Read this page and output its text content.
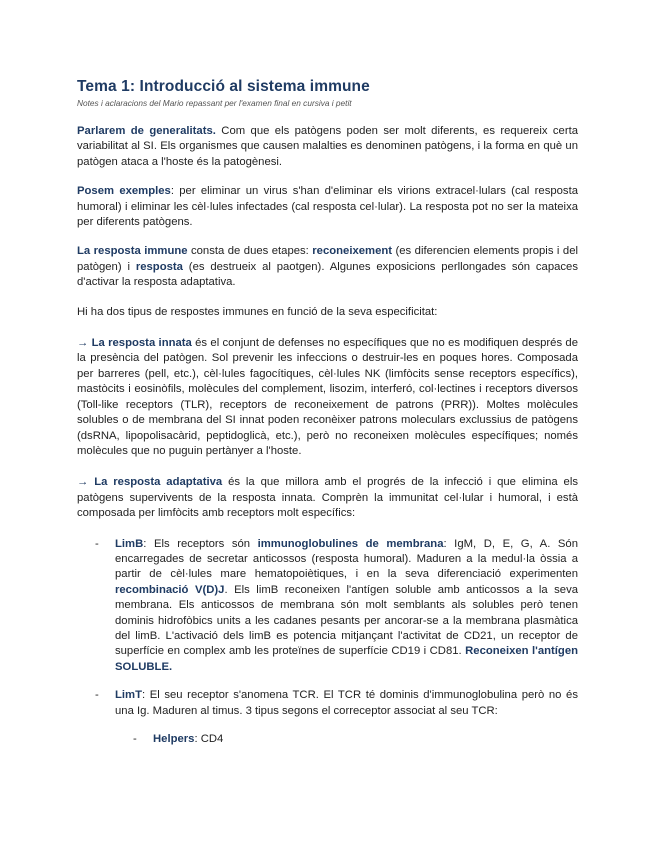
Tema 1: Introducció al sistema immune
Notes i aclaracions del Mario repassant per l'examen final en cursiva i petit

Parlarem de generalitats. Com que els patògens poden ser molt diferents, es requereix certa variabilitat al SI. Els organismes que causen malalties es denominen patògens, i la forma en què un patògen ataca a l'hoste és la patogènesi.

Posem exemples: per eliminar un virus s'han d'eliminar els virions extracel·lulars (cal resposta humoral) i eliminar les cèl·lules infectades (cal resposta cel·lular). La resposta pot no ser la mateixa per diferents patògens.

La resposta immune consta de dues etapes: reconeixement (es diferencien elements propis i del patògen) i resposta (es destrueix al paotgen). Algunes exposicions perllongades són capaces d'activar la resposta adaptativa.

Hi ha dos tipus de respostes immunes en funció de la seva especificitat:

→ La resposta innata és el conjunt de defenses no específiques que no es modifiquen després de la presència del patògen. Sol prevenir les infeccions o destruir-les en poques hores. Composada per barreres (pell, etc.), cèl·lules fagocítiques, cèl·lules NK (limfòcits sense receptors específics), mastòcits i eosinòfils, molècules del complement, lisozim, interferó, col·lectines i receptors diversos (Toll-like receptors (TLR), receptors de reconeixement de patrons (PRR)). Moltes molècules solubles o de membrana del SI innat poden reconèixer patrons moleculars exclussius de patògens (dsRNA, lipopolisacàrid, peptidoglicà, etc.), però no reconeixen molècules específiques; només molècules que no puguin pertànyer a l'hoste.

→ La resposta adaptativa és la que millora amb el progrés de la infecció i que elimina els patògens supervivents de la resposta innata. Comprèn la immunitat cel·lular i humoral, i està composada per limfòcits amb receptors molt específics:

- LimB: Els receptors són immunoglobulines de membrana: IgM, D, E, G, A. Són encarregades de secretar anticossos (resposta humoral). Maduren a la medul·la òssia a partir de cèl·lules mare hematopoiètiques, i en la seva diferenciació experimenten recombinació V(D)J. Els limB reconeixen l'antígen soluble amb anticossos a la seva membrana. Els anticossos de membrana són molt semblants als solubles però tenen dominis hidrofòbics units a les cadanes pesants per ancorar-se a la membrana plasmàtica del limB. L'activació dels limB es potencia mitjançant l'activitat de CD21, un receptor de superfície en complex amb les proteïnes de superfície CD19 i CD81. Reconeixen l'antígen SOLUBLE.

- LimT: El seu receptor s'anomena TCR. El TCR té dominis d'immunoglobulina però no és una Ig. Maduren al timus. 3 tipus segons el correceptor associat al seu TCR:

- Helpers: CD4
